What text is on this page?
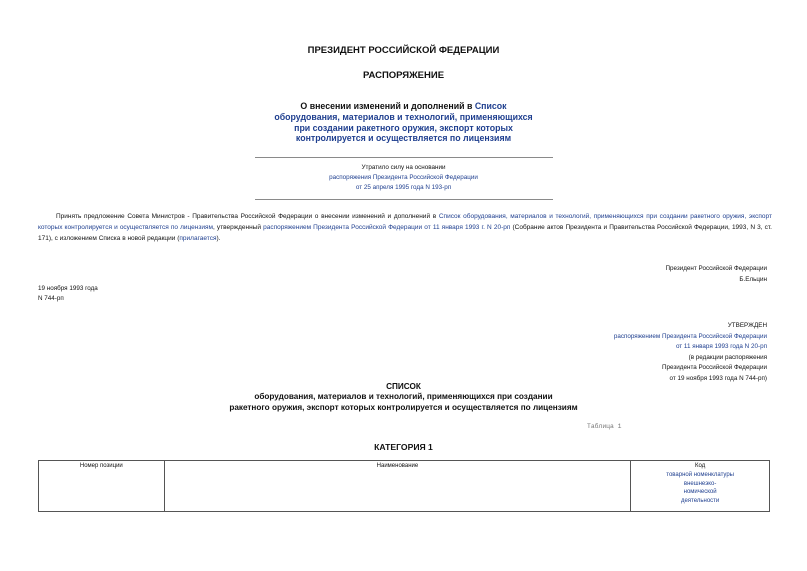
ПРЕЗИДЕНТ РОССИЙСКОЙ ФЕДЕРАЦИИ
РАСПОРЯЖЕНИЕ
О внесении изменений и дополнений в Список
оборудования, материалов и технологий, применяющихся
при создании ракетного оружия, экспорт которых
контролируется и осуществляется по лицензиям
Утратило силу на основании
распоряжения Президента Российской Федерации
от 25 апреля 1995 года N 193-рп
Принять предложение Совета Министров - Правительства Российской Федерации о внесении изменений и дополнений в Список оборудования, материалов и технологий, применяющихся при создании ракетного оружия, экспорт которых контролируется и осуществляется по лицензиям, утвержденный распоряжением Президента Российской Федерации от 11 января 1993 г. N 20-рп (Собрание актов Президента и Правительства Российской Федерации, 1993, N 3, ст. 171), с изложением Списка в новой редакции (прилагается).
Президент Российской Федерации
Б.Ельцин
19 ноября 1993 года
N 744-рп
УТВЕРЖДЕН
распоряжением Президента Российской Федерации
от 11 января 1993 года N 20-рп
(в редакции распоряжения
Президента Российской Федерации
от 19 ноября 1993 года N 744-рп)
СПИСОК
оборудования, материалов и технологий, применяющихся при создании
ракетного оружия, экспорт которых контролируется и осуществляется по лицензиям
Таблица 1
КАТЕГОРИЯ 1
Номер позиции	Наименование	Код
товарной номенклатуры
внешнеэко-
номической
деятельности
